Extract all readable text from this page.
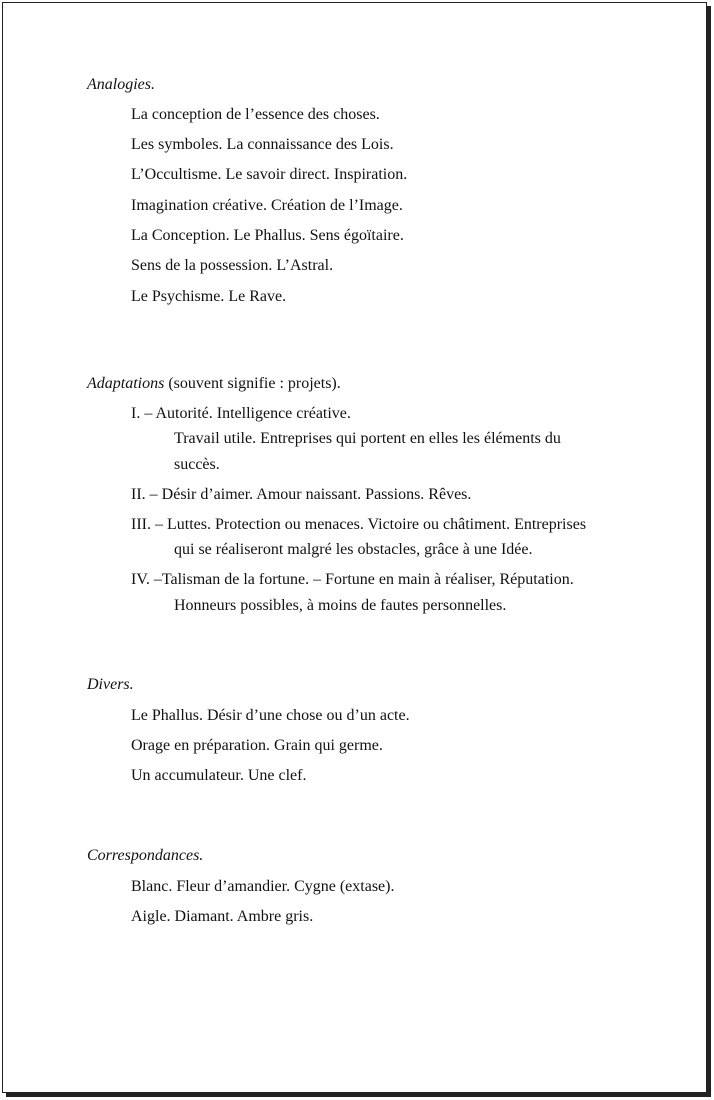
Analogies.
La conception de l’essence des choses.
Les symboles. La connaissance des Lois.
L’Occultisme. Le savoir direct. Inspiration.
Imagination créative. Création de l’Image.
La Conception. Le Phallus. Sens égoïtaire.
Sens de la possession. L’Astral.
Le Psychisme. Le Rave.
Adaptations (souvent signifie : projets).
I. – Autorité. Intelligence créative.
Travail utile. Entreprises qui portent en elles les éléments du
succès.
II. – Désir d’aimer. Amour naissant. Passions. Rêves.
III. – Luttes. Protection ou menaces. Victoire ou châtiment. Entreprises
qui se réaliseront malgré les obstacles, grâce à une Idée.
IV. –Talisman de la fortune. – Fortune en main à réaliser, Réputation.
Honneurs possibles, à moins de fautes personnelles.
Divers.
Le Phallus. Désir d’une chose ou d’un acte.
Orage en préparation. Grain qui germe.
Un accumulateur. Une clef.
Correspondances.
Blanc. Fleur d’amandier. Cygne (extase).
Aigle. Diamant. Ambre gris.
